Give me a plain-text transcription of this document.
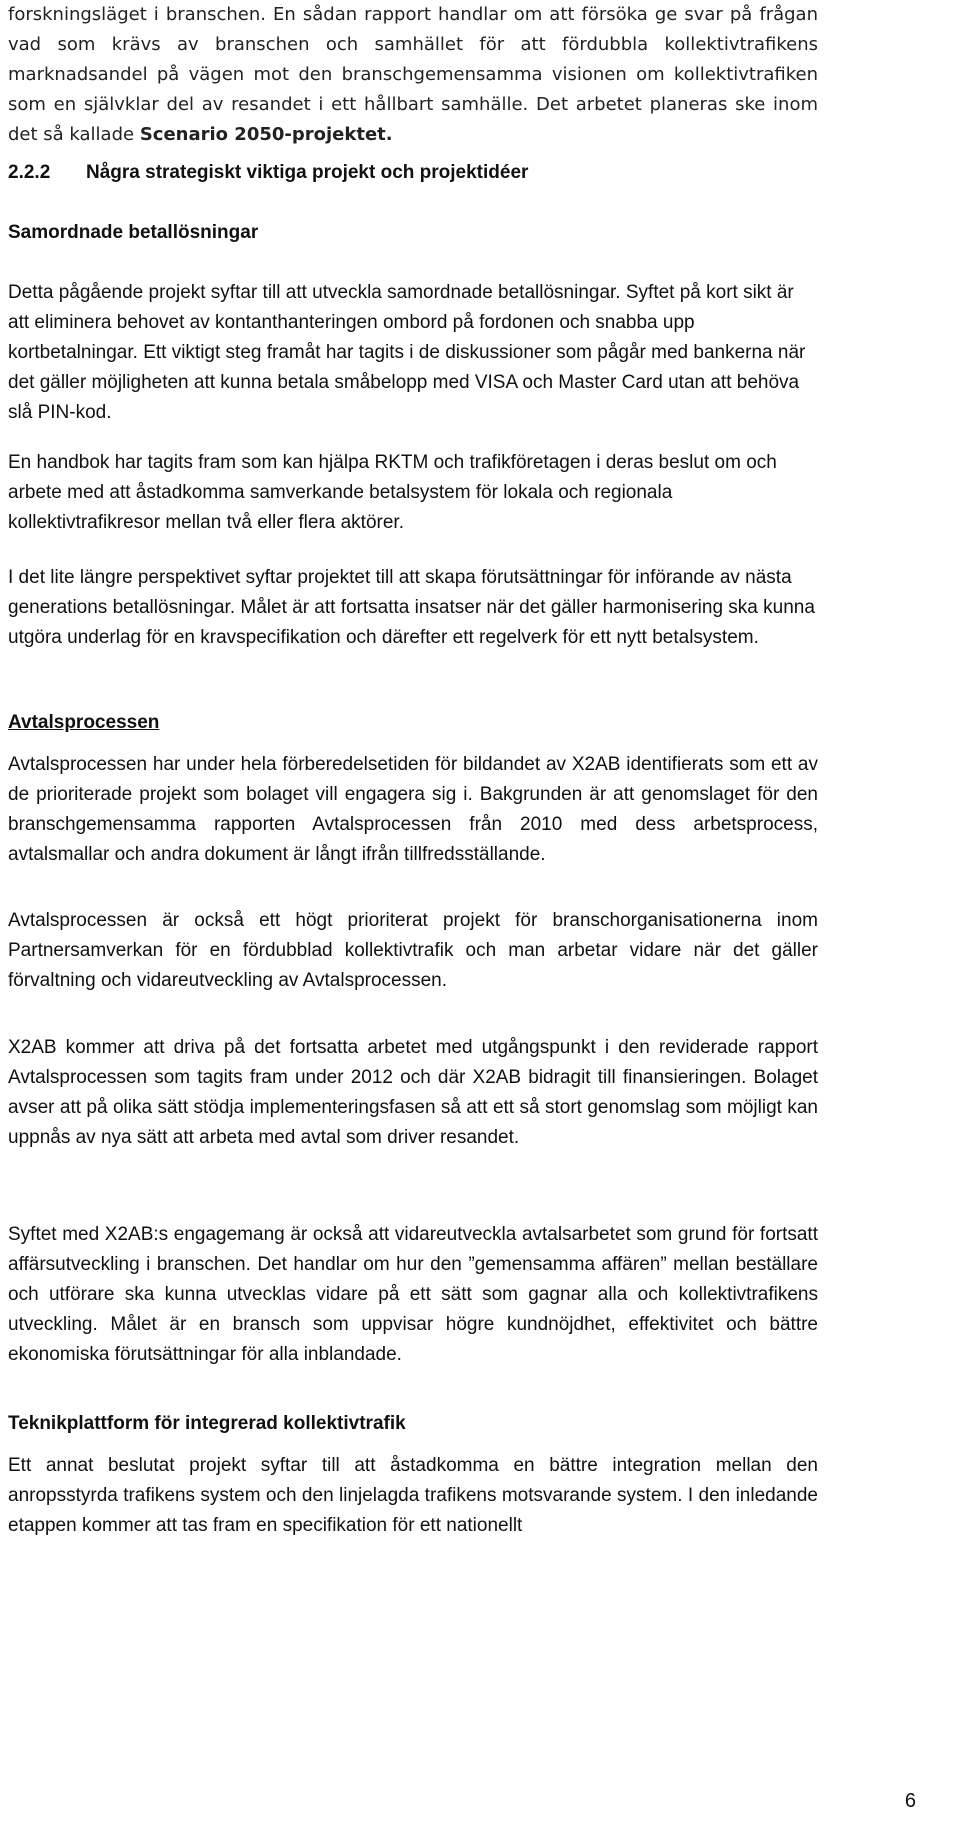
forskningsläget i branschen. En sådan rapport handlar om att försöka ge svar på frågan vad som krävs av branschen och samhället för att fördubbla kollektivtrafikens marknadsandel på vägen mot den branschgemensamma visionen om kollektivtrafiken som en självklar del av resandet i ett hållbart samhälle. Det arbetet planeras ske inom det så kallade Scenario 2050-projektet.

2.2.2 Några strategiskt viktiga projekt och projektidéer
Samordnade betallösningar

Detta pågående projekt syftar till att utveckla samordnade betallösningar. Syftet på kort sikt är att eliminera behovet av kontanthanteringen ombord på fordonen och snabba upp kortbetalningar. Ett viktigt steg framåt har tagits i de diskussioner som pågår med bankerna när det gäller möjligheten att kunna betala småbelopp med VISA och Master Card utan att behöva slå PIN-kod.

En handbok har tagits fram som kan hjälpa RKTM och trafikföretagen i deras beslut om och arbete med att åstadkomma samverkande betalsystem för lokala och regionala kollektivtrafikresor mellan två eller flera aktörer.

I det lite längre perspektivet syftar projektet till att skapa förutsättningar för införande av nästa generations betallösningar. Målet är att fortsatta insatser när det gäller harmonisering ska kunna utgöra underlag för en kravspecifikation och därefter ett regelverk för ett nytt betalsystem.

Avtalsprocessen

Avtalsprocessen har under hela förberedelsetiden för bildandet av X2AB identifierats som ett av de prioriterade projekt som bolaget vill engagera sig i. Bakgrunden är att genomslaget för den branschgemensamma rapporten Avtalsprocessen från 2010 med dess arbetsprocess, avtalsmallar och andra dokument är långt ifrån tillfredsställande.

Avtalsprocessen är också ett högt prioriterat projekt för branschorganisationerna inom Partnersamverkan för en fördubblad kollektivtrafik och man arbetar vidare när det gäller förvaltning och vidareutveckling av Avtalsprocessen.

X2AB kommer att driva på det fortsatta arbetet med utgångspunkt i den reviderade rapport Avtalsprocessen som tagits fram under 2012 och där X2AB bidragit till finansieringen. Bolaget avser att på olika sätt stödja implementeringsfasen så att ett så stort genomslag som möjligt kan uppnås av nya sätt att arbeta med avtal som driver resandet.

Syftet med X2AB:s engagemang är också att vidareutveckla avtalsarbetet som grund för fortsatt affärsutveckling i branschen. Det handlar om hur den ”gemensamma affären” mellan beställare och utförare ska kunna utvecklas vidare på ett sätt som gagnar alla och kollektivtrafikens utveckling. Målet är en bransch som uppvisar högre kundnöjdhet, effektivitet och bättre ekonomiska förutsättningar för alla inblandade.

Teknikplattform för integrerad kollektivtrafik

Ett annat beslutat projekt syftar till att åstadkomma en bättre integration mellan den anropsstyrda trafikens system och den linjelagda trafikens motsvarande system. I den inledande etappen kommer att tas fram en specifikation för ett nationellt

6
